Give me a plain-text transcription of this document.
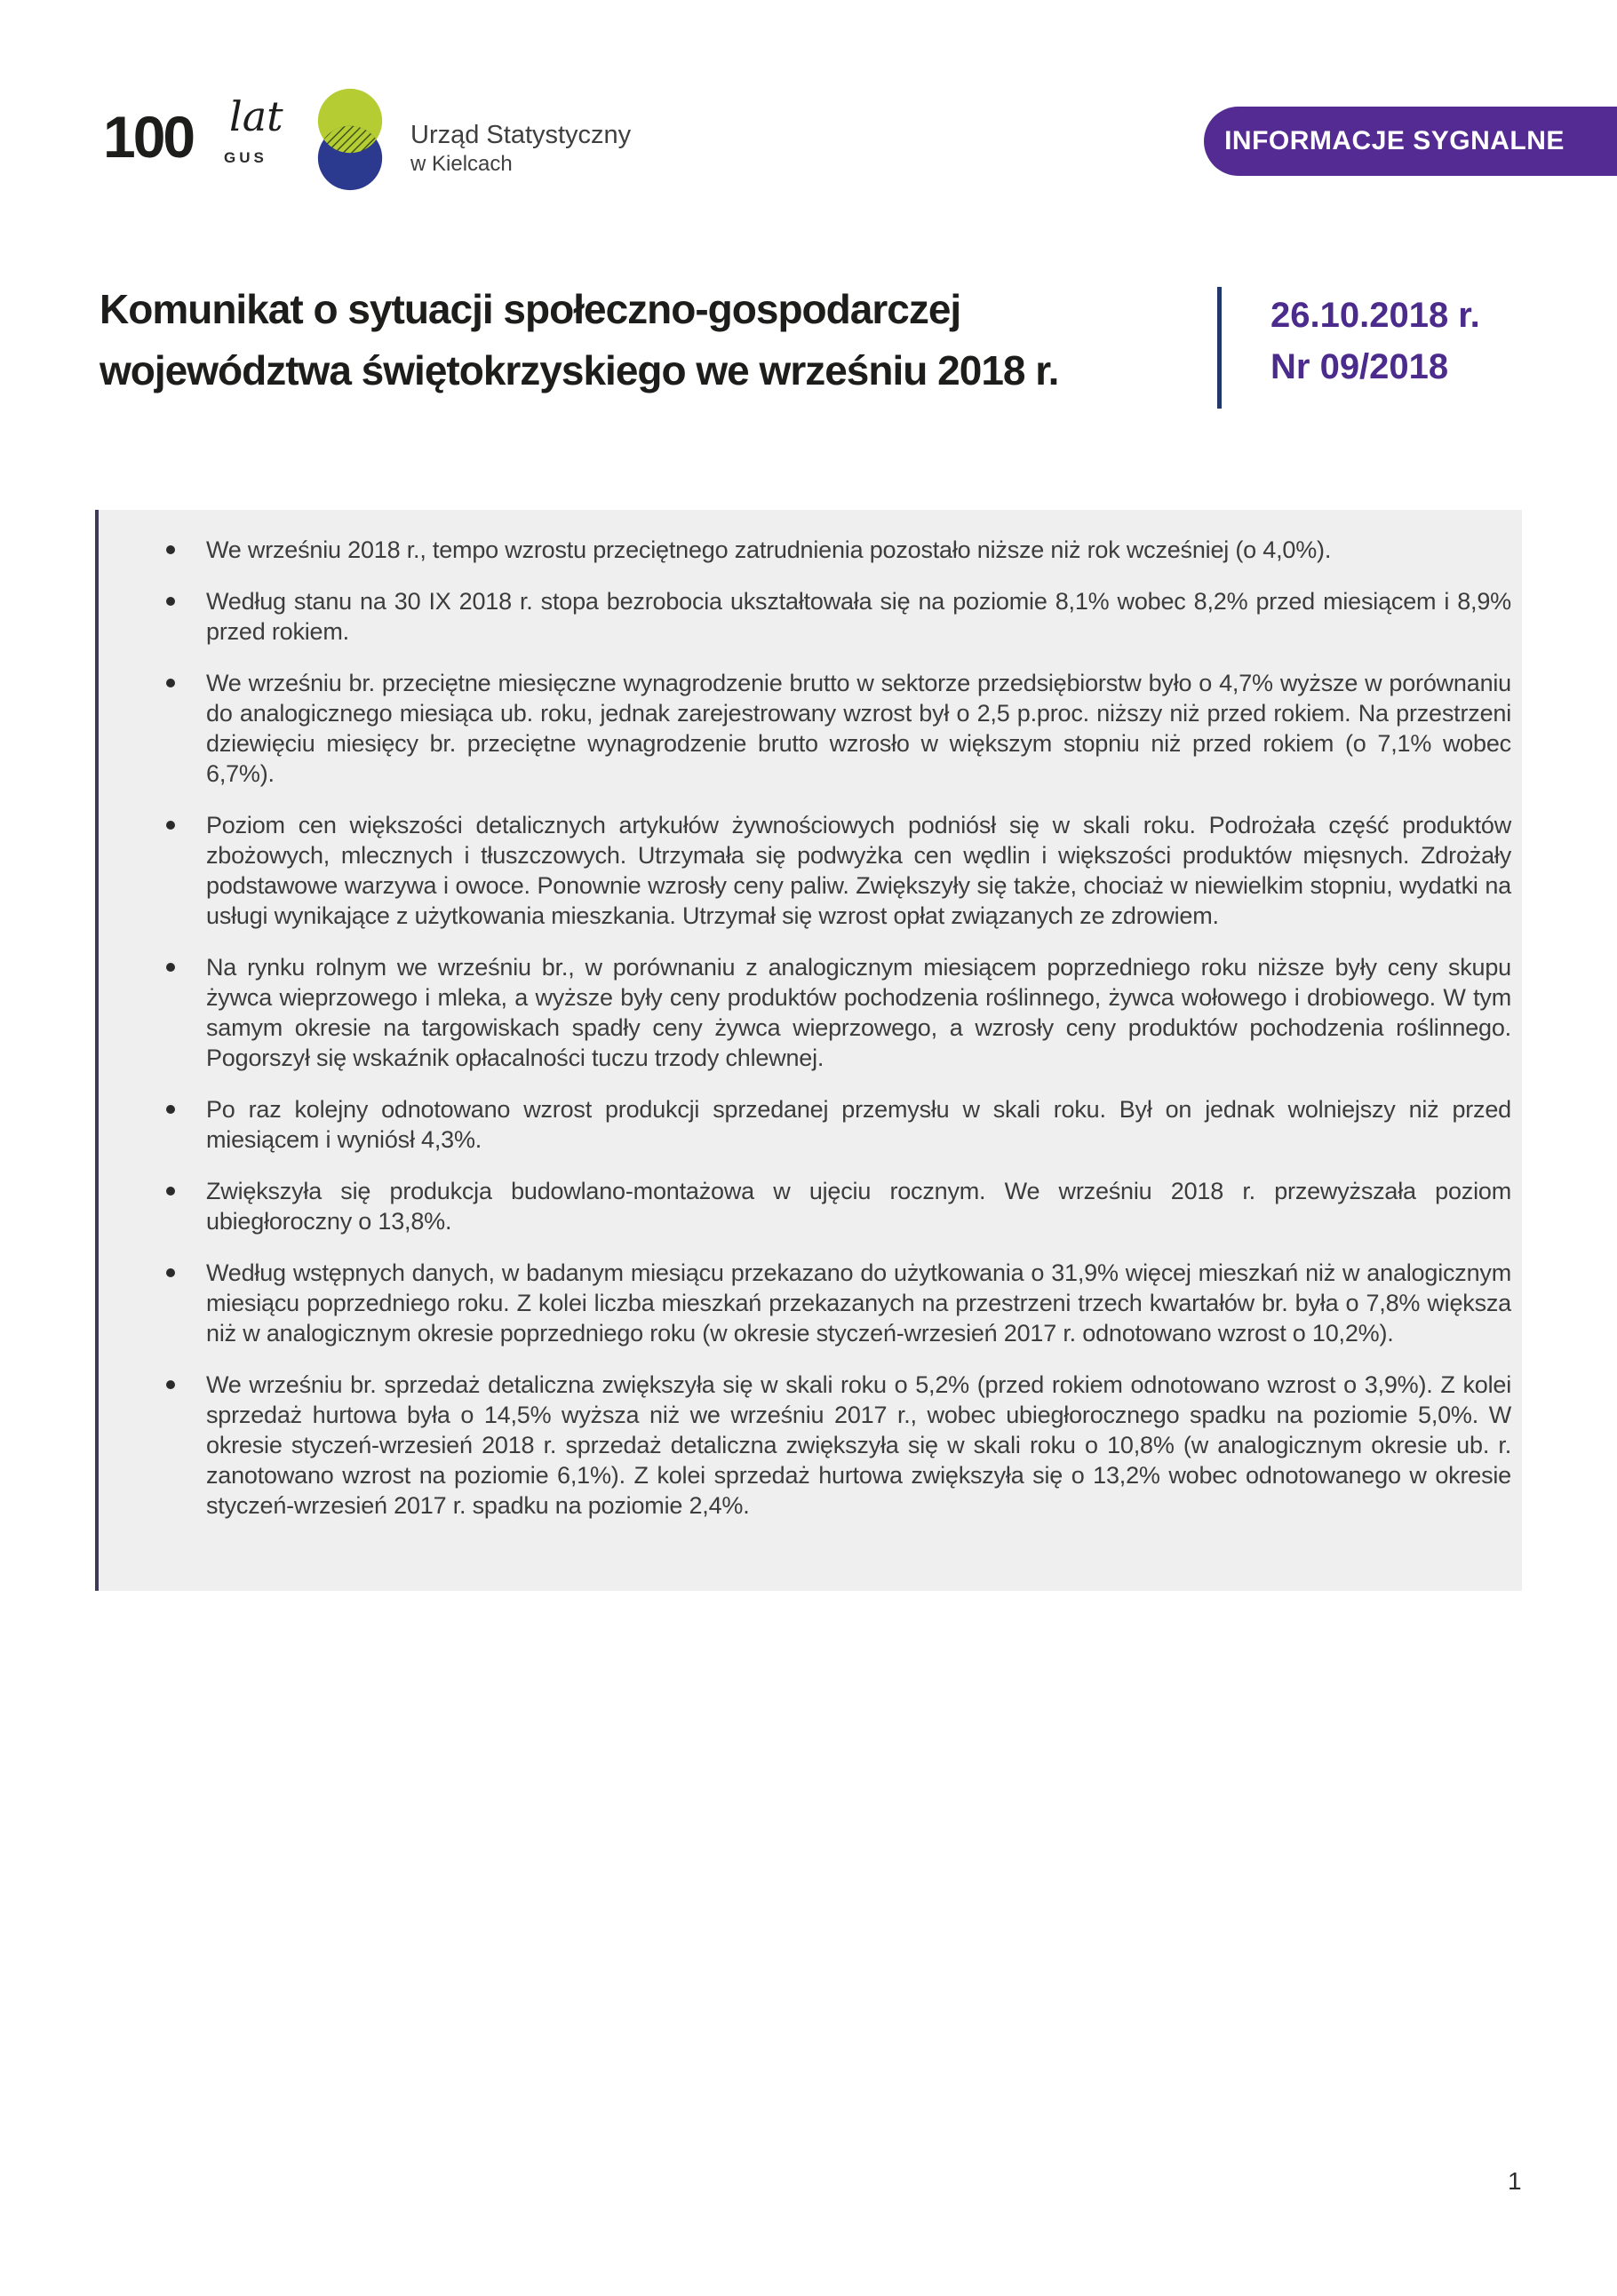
100 lat
GUS
Urząd Statystyczny
w Kielcach
INFORMACJE SYGNALNE
Komunikat o sytuacji społeczno-gospodarczej
województwa świętokrzyskiego we wrześniu 2018 r.
26.10.2018 r.
Nr 09/2018
We wrześniu 2018 r., tempo wzrostu przeciętnego zatrudnienia pozostało niższe niż rok wcześniej (o 4,0%).
Według stanu na 30 IX 2018 r. stopa bezrobocia ukształtowała się na poziomie 8,1% wobec 8,2% przed miesiącem i 8,9% przed rokiem.
We wrześniu br. przeciętne miesięczne wynagrodzenie brutto w sektorze przedsiębiorstw było o 4,7% wyższe w porównaniu do analogicznego miesiąca ub. roku, jednak zarejestrowany wzrost był o 2,5 p.proc. niższy niż przed rokiem. Na przestrzeni dziewięciu miesięcy br. przeciętne wynagrodzenie brutto wzrosło w większym stopniu niż przed rokiem (o 7,1% wobec 6,7%).
Poziom cen większości detalicznych artykułów żywnościowych podniósł się w skali roku. Podrożała część produktów zbożowych, mlecznych i tłuszczowych. Utrzymała się podwyżka cen wędlin i większości produktów mięsnych. Zdrożały podstawowe warzywa i owoce. Ponownie wzrosły ceny paliw. Zwiększyły się także, chociaż w niewielkim stopniu, wydatki na usługi wynikające z użytkowania mieszkania. Utrzymał się wzrost opłat związanych ze zdrowiem.
Na rynku rolnym we wrześniu br., w porównaniu z analogicznym miesiącem poprzedniego roku niższe były ceny skupu żywca wieprzowego i mleka, a wyższe były ceny produktów pochodzenia roślinnego, żywca wołowego i drobiowego. W tym samym okresie na targowiskach spadły ceny żywca wieprzowego, a wzrosły ceny produktów pochodzenia roślinnego. Pogorszył się wskaźnik opłacalności tuczu trzody chlewnej.
Po raz kolejny odnotowano wzrost produkcji sprzedanej przemysłu w skali roku. Był on jednak wolniejszy niż przed miesiącem i wyniósł 4,3%.
Zwiększyła się produkcja budowlano-montażowa w ujęciu rocznym. We wrześniu 2018 r. przewyższała poziom ubiegłoroczny o 13,8%.
Według wstępnych danych, w badanym miesiącu przekazano do użytkowania o 31,9% więcej mieszkań niż w analogicznym miesiącu poprzedniego roku. Z kolei liczba mieszkań przekazanych na przestrzeni trzech kwartałów br. była o 7,8% większa niż w analogicznym okresie poprzedniego roku (w okresie styczeń-wrzesień 2017 r. odnotowano wzrost o 10,2%).
We wrześniu br. sprzedaż detaliczna zwiększyła się w skali roku o 5,2% (przed rokiem odnotowano wzrost o 3,9%). Z kolei sprzedaż hurtowa była o 14,5% wyższa niż we wrześniu 2017 r., wobec ubiegłorocznego spadku na poziomie 5,0%. W okresie styczeń-wrzesień 2018 r. sprzedaż detaliczna zwiększyła się w skali roku o 10,8% (w analogicznym okresie ub. r. zanotowano wzrost na poziomie 6,1%). Z kolei sprzedaż hurtowa zwiększyła się o 13,2% wobec odnotowanego w okresie styczeń-wrzesień 2017 r. spadku na poziomie 2,4%.
1
